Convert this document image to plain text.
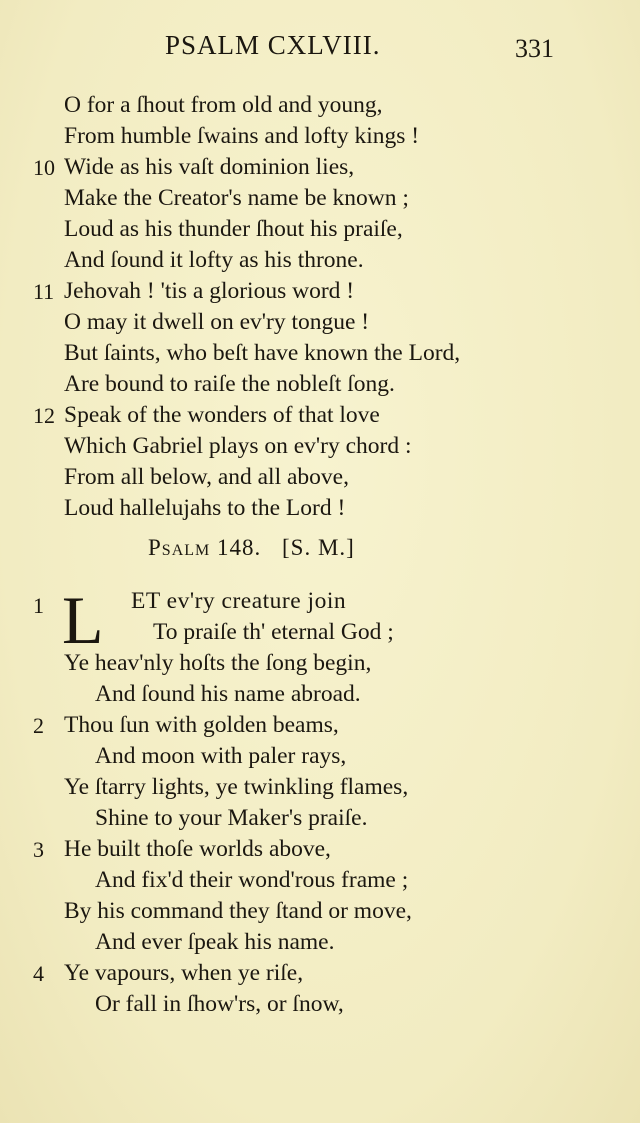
PSALM CXLVIII.	331
O for a ſhout from old and young,
From humble ſwains and lofty kings !
10 Wide as his vaſt dominion lies,
Make the Creator's name be known ;
Loud as his thunder ſhout his praiſe,
And ſound it lofty as his throne.
11 Jehovah ! 'tis a glorious word !
O may it dwell on ev'ry tongue !
But ſaints, who beſt have known the Lord,
Are bound to raiſe the nobleſt ſong.
12 Speak of the wonders of that love
Which Gabriel plays on ev'ry chord :
From all below, and all above,
Loud hallelujahs to the Lord !
Psalm 148. [S. M.]
1 L ET ev'ry creature join
To praiſe th' eternal God ;
Ye heav'nly hoſts the ſong begin,
And ſound his name abroad.
2 Thou ſun with golden beams,
And moon with paler rays,
Ye ſtarry lights, ye twinkling flames,
Shine to your Maker's praiſe.
3 He built thoſe worlds above,
And fix'd their wond'rous frame ;
By his command they ſtand or move,
And ever ſpeak his name.
4 Ye vapours, when ye riſe,
Or fall in ſhow'rs, or ſnow,
